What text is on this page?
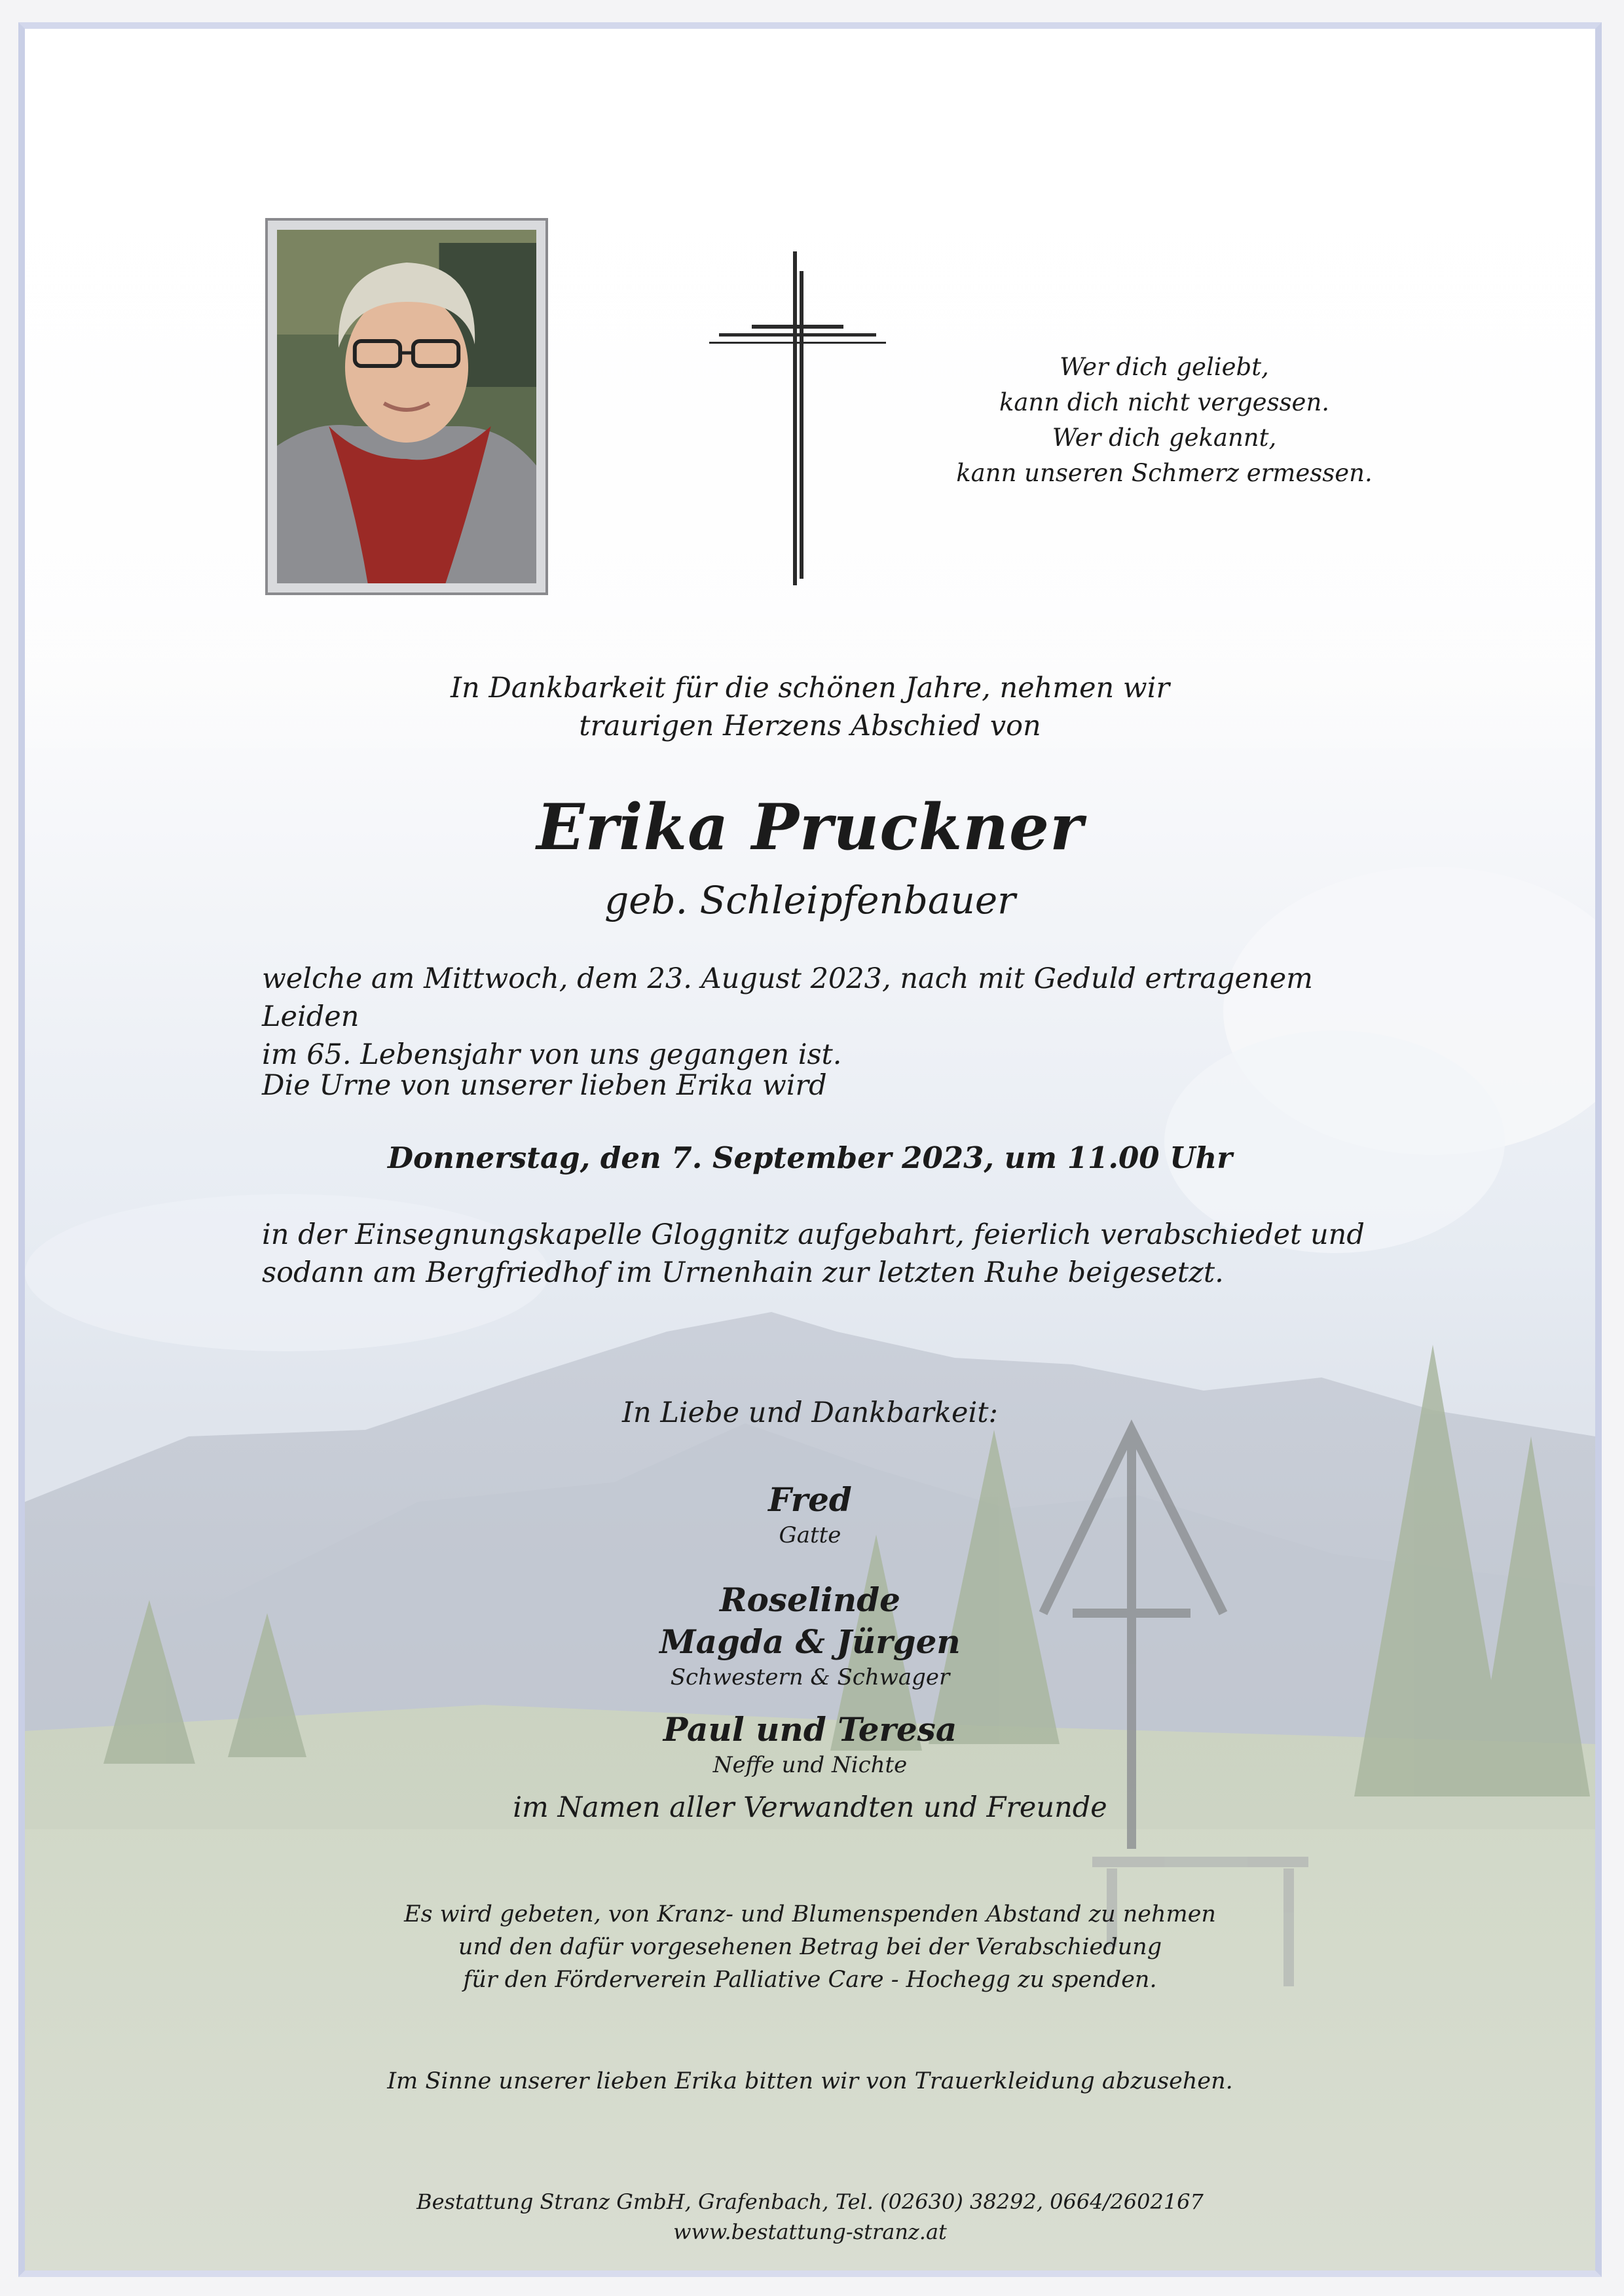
Wer dich geliebt,
kann dich nicht vergessen.
Wer dich gekannt,
kann unseren Schmerz ermessen.
In Dankbarkeit für die schönen Jahre, nehmen wir
traurigen Herzens Abschied von
Erika Pruckner
geb. Schleipfenbauer
welche am Mittwoch, dem 23. August 2023, nach mit Geduld ertragenem Leiden
im 65. Lebensjahr von uns gegangen ist.
Die Urne von unserer lieben Erika wird
Donnerstag, den 7. September 2023, um 11.00 Uhr
in der Einsegnungskapelle Gloggnitz aufgebahrt, feierlich verabschiedet und
sodann am Bergfriedhof im Urnenhain zur letzten Ruhe beigesetzt.
In Liebe und Dankbarkeit:
Fred
Gatte
Roselinde
Magda & Jürgen
Schwestern & Schwager
Paul und Teresa
Neffe und Nichte
im Namen aller Verwandten und Freunde
Es wird gebeten, von Kranz- und Blumenspenden Abstand zu nehmen
und den dafür vorgesehenen Betrag bei der Verabschiedung
für den Förderverein Palliative Care - Hochegg zu spenden.
Im Sinne unserer lieben Erika bitten wir von Trauerkleidung abzusehen.
Bestattung Stranz GmbH, Grafenbach, Tel. (02630) 38292, 0664/2602167
www.bestattung-stranz.at
